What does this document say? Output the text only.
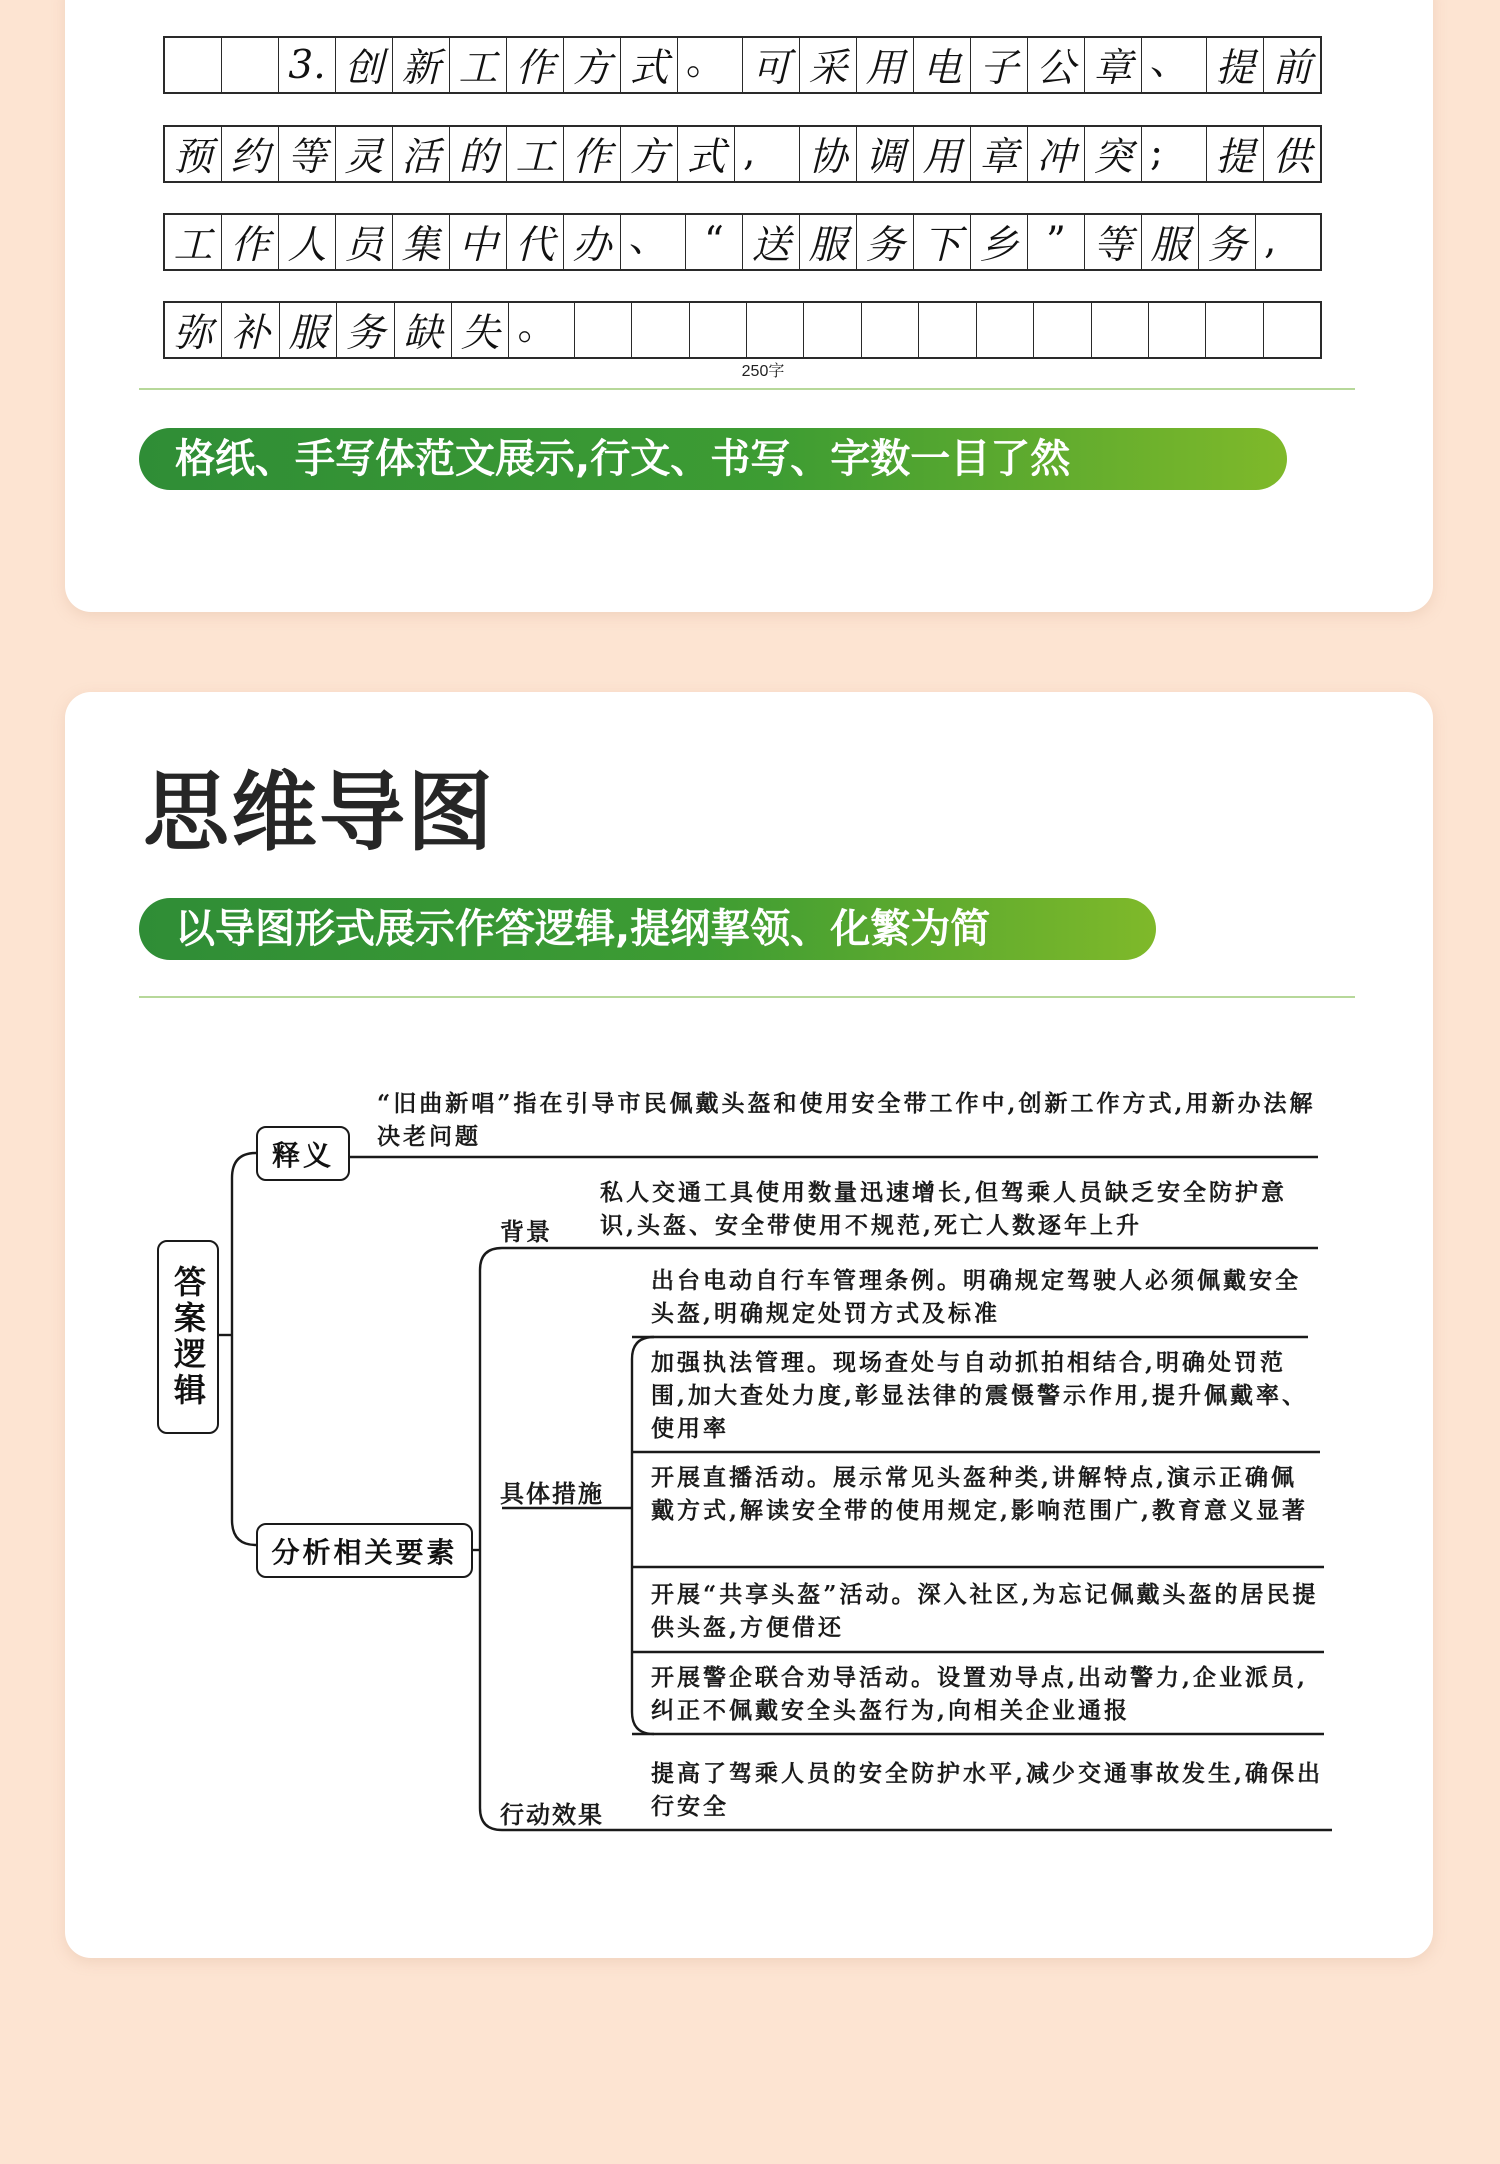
3. 创 新 工 作 方 式 。 可 采 用 电 子 公 章 、 提 前
预 约 等 灵 活 的 工 作 方 式 ,	协 调 用 章 冲 突 ;	提 供
工 作 人 员 集 中 代 办 、 “ 送 服 务 下 乡 ” 等 服 务 ,
弥 补 服 务 缺 失 。
250字
格纸、手写体范文展示,行文、书写、字数一目了然
思维导图
以导图形式展示作答逻辑,提纲挈领、化繁为简
答案逻辑
释义
“旧曲新唱”指在引导市民佩戴头盔和使用安全带工作中,创新工作方式,用新办法解决老问题
分析相关要素
背景
私人交通工具使用数量迅速增长,但驾乘人员缺乏安全防护意识,头盔、安全带使用不规范,死亡人数逐年上升
具体措施
出台电动自行车管理条例。明确规定驾驶人必须佩戴安全头盔,明确规定处罚方式及标准
加强执法管理。现场查处与自动抓拍相结合,明确处罚范围,加大查处力度,彰显法律的震慑警示作用,提升佩戴率、使用率
开展直播活动。展示常见头盔种类,讲解特点,演示正确佩戴方式,解读安全带的使用规定,影响范围广,教育意义显著
开展“共享头盔”活动。深入社区,为忘记佩戴头盔的居民提供头盔,方便借还
开展警企联合劝导活动。设置劝导点,出动警力,企业派员,纠正不佩戴安全头盔行为,向相关企业通报
行动效果
提高了驾乘人员的安全防护水平,减少交通事故发生,确保出行安全
